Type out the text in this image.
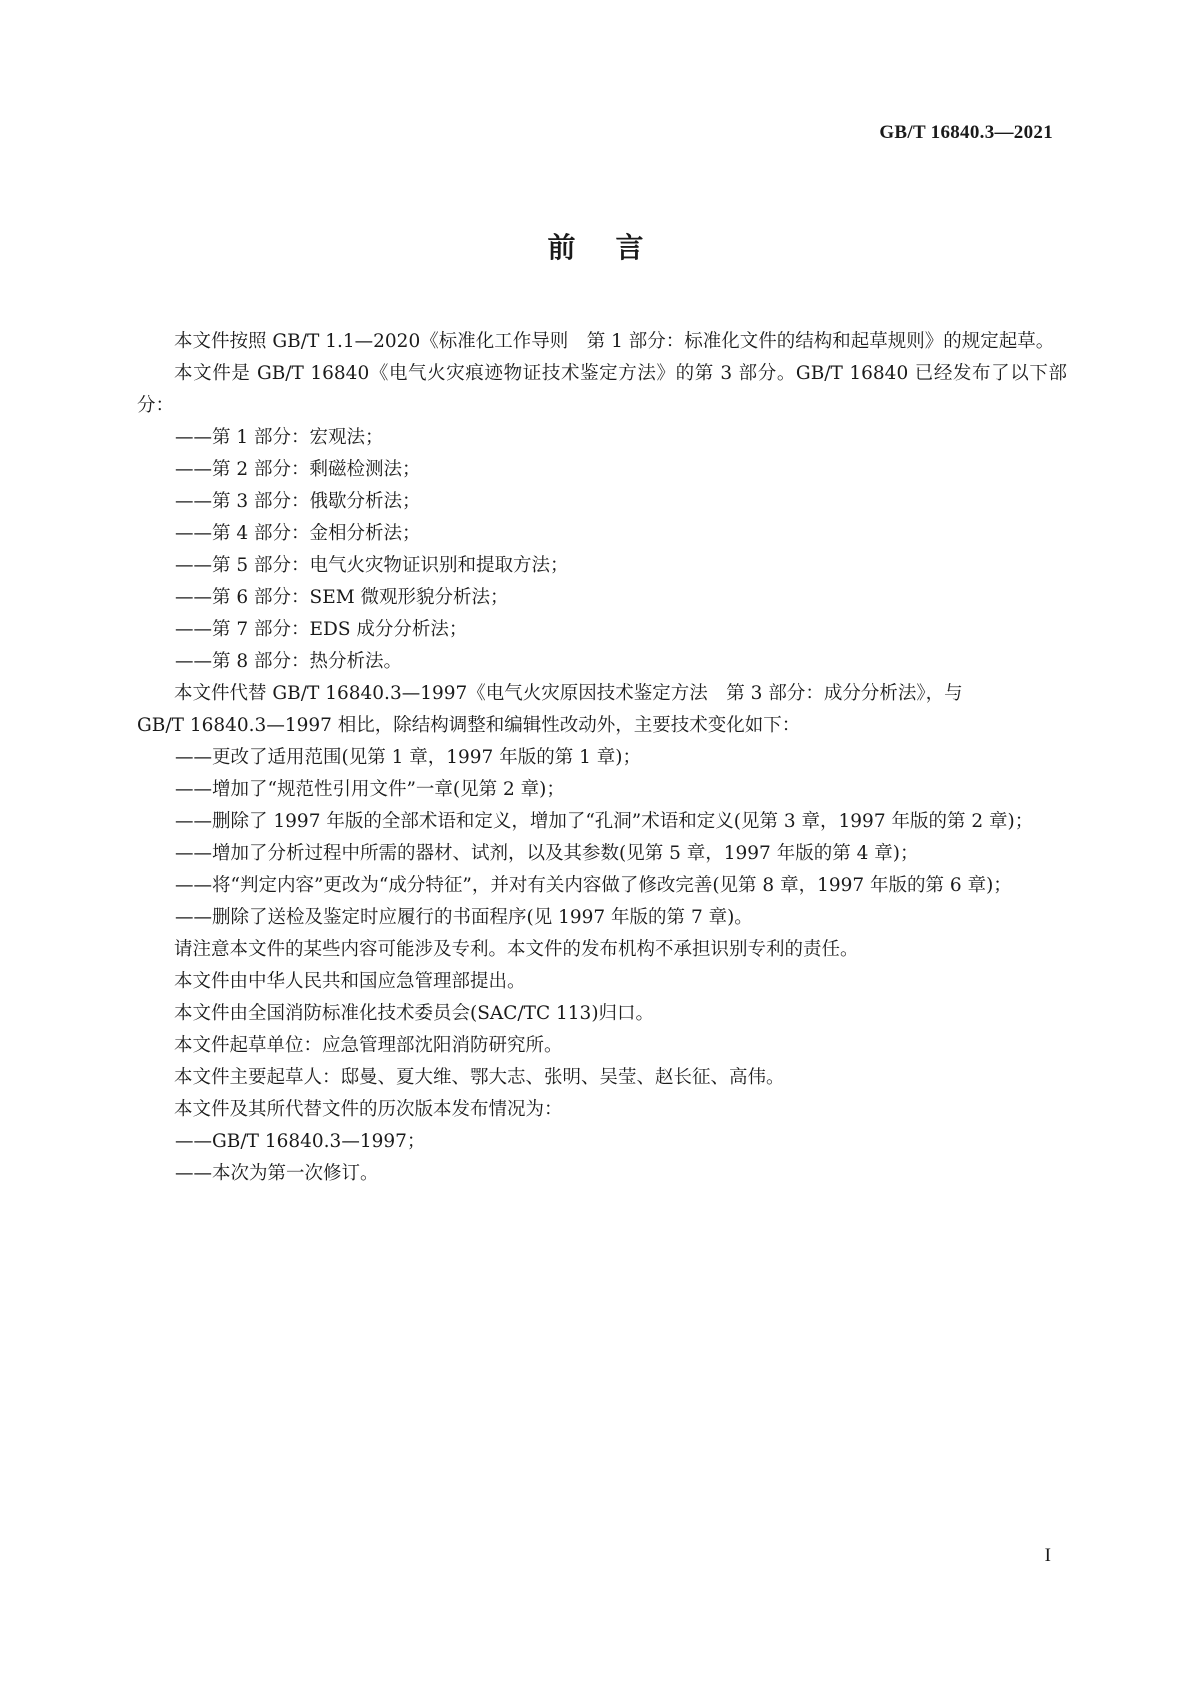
GB/T 16840.3—2021
前言

本文件按照 GB/T 1.1—2020《标准化工作导则　第 1 部分：标准化文件的结构和起草规则》的规定起草。

本文件是 GB/T 16840《电气火灾痕迹物证技术鉴定方法》的第 3 部分。GB/T 16840 已经发布了以下部分：

——第 1 部分：宏观法；

——第 2 部分：剩磁检测法；

——第 3 部分：俄歇分析法；

——第 4 部分：金相分析法；

——第 5 部分：电气火灾物证识别和提取方法；

——第 6 部分：SEM 微观形貌分析法；

——第 7 部分：EDS 成分分析法；

——第 8 部分：热分析法。

本文件代替 GB/T 16840.3—1997《电气火灾原因技术鉴定方法　第 3 部分：成分分析法》，与

GB/T 16840.3—1997 相比，除结构调整和编辑性改动外，主要技术变化如下：

——更改了适用范围(见第 1 章，1997 年版的第 1 章)；

——增加了“规范性引用文件”一章(见第 2 章)；

——删除了 1997 年版的全部术语和定义，增加了“孔洞”术语和定义(见第 3 章，1997 年版的第 2 章)；

——增加了分析过程中所需的器材、试剂，以及其参数(见第 5 章，1997 年版的第 4 章)；

——将“判定内容”更改为“成分特征”，并对有关内容做了修改完善(见第 8 章，1997 年版的第 6 章)；

——删除了送检及鉴定时应履行的书面程序(见 1997 年版的第 7 章)。

请注意本文件的某些内容可能涉及专利。本文件的发布机构不承担识别专利的责任。

本文件由中华人民共和国应急管理部提出。

本文件由全国消防标准化技术委员会(SAC/TC 113)归口。

本文件起草单位：应急管理部沈阳消防研究所。

本文件主要起草人：邸曼、夏大维、鄂大志、张明、吴莹、赵长征、高伟。

本文件及其所代替文件的历次版本发布情况为：

——GB/T 16840.3—1997；

——本次为第一次修订。

I
